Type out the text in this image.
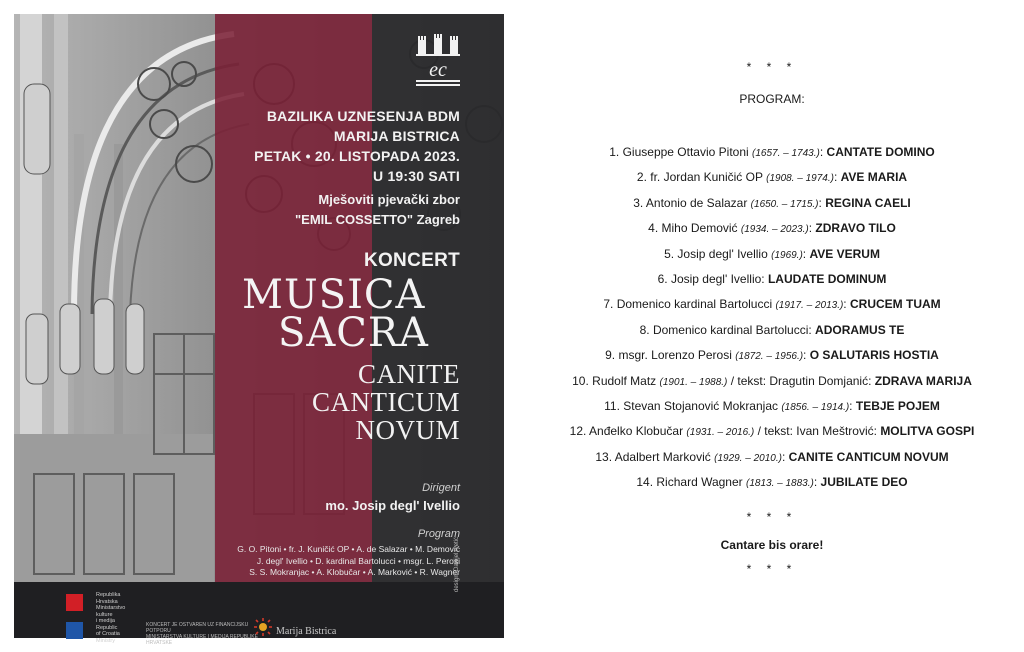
ec
BAZILIKA UZNESENJA BDM
MARIJA BISTRICA
PETAK • 20. LISTOPADA 2023.
U 19:30 SATI
Mješoviti pjevački zbor
"EMIL COSSETTO" Zagreb
KONCERT
MUSICA
SACRA
CANITE
CANTICUM
NOVUM
Dirigent
mo. Josip degl' Ivellio
Program
G. O. Pitoni • fr. J. Kuničić OP • A. de Salazar • M. Demović
J. degl' Ivellio • D. kardinal Bartolucci • msgr. L. Perosi
S. S. Mokranjac • A. Klobučar • A. Marković • R. Wagner
Republika
Hrvatska
Ministarstvo
kulture
i medija
Republic
of Croatia
Ministry
KONCERT JE OSTVAREN UZ FINANCIJSKU POTPORU
MINISTARSTVA KULTURE I MEDIJA REPUBLIKE HRVATSKE
Marija Bistrica
design: Danijel Ivetić
* * *
PROGRAM:
1. Giuseppe Ottavio Pitoni (1657. – 1743.): CANTATE DOMINO
2. fr. Jordan Kuničić OP (1908. – 1974.): AVE MARIA
3. Antonio de Salazar (1650. – 1715.): REGINA CAELI
4. Miho Demović (1934. – 2023.): ZDRAVO TILO
5. Josip degl' Ivellio (1969.): AVE VERUM
6. Josip degl' Ivellio: LAUDATE DOMINUM
7. Domenico kardinal Bartolucci (1917. – 2013.): CRUCEM TUAM
8. Domenico kardinal Bartolucci: ADORAMUS TE
9. msgr. Lorenzo Perosi (1872. – 1956.): O SALUTARIS HOSTIA
10. Rudolf Matz (1901. – 1988.) / tekst: Dragutin Domjanić: ZDRAVA MARIJA
11. Stevan Stojanović Mokranjac (1856. – 1914.): TEBJE POJEM
12. Anđelko Klobučar (1931. – 2016.) / tekst: Ivan Meštrović: MOLITVA GOSPI
13. Adalbert Marković (1929. – 2010.): CANITE CANTICUM NOVUM
14. Richard Wagner (1813. – 1883.): JUBILATE DEO
* * *
Cantare bis orare!
* * *
